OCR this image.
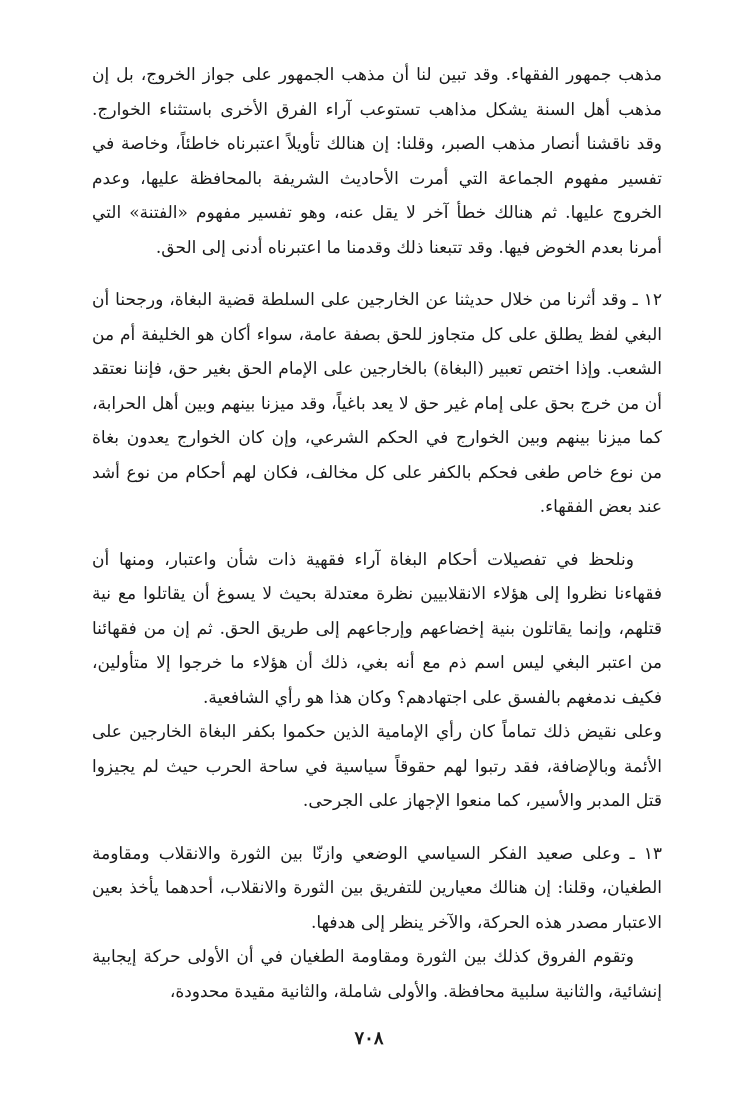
مذهب جمهور الفقهاء. وقد تبين لنا أن مذهب الجمهور على جواز الخروج، بل إن مذهب أهل السنة يشكل مذاهب تستوعب آراء الفرق الأخرى باستثناء الخوارج. وقد ناقشنا أنصار مذهب الصبر، وقلنا: إن هنالك تأويلاً اعتبرناه خاطئاً، وخاصة في تفسير مفهوم الجماعة التي أمرت الأحاديث الشريفة بالمحافظة عليها، وعدم الخروج عليها. ثم هنالك خطأ آخر لا يقل عنه، وهو تفسير مفهوم «الفتنة» التي أمرنا بعدم الخوض فيها. وقد تتبعنا ذلك وقدمنا ما اعتبرناه أدنى إلى الحق.

١٢ ـ وقد أثرنا من خلال حديثنا عن الخارجين على السلطة قضية البغاة، ورجحنا أن البغي لفظ يطلق على كل متجاوز للحق بصفة عامة، سواء أكان هو الخليفة أم من الشعب. وإذا اختص تعبير (البغاة) بالخارجين على الإمام الحق بغير حق، فإننا نعتقد أن من خرج بحق على إمام غير حق لا يعد باغياً، وقد ميزنا بينهم وبين أهل الحرابة، كما ميزنا بينهم وبين الخوارج في الحكم الشرعي، وإن كان الخوارج يعدون بغاة من نوع خاص طغى فحكم بالكفر على كل مخالف، فكان لهم أحكام من نوع أشد عند بعض الفقهاء.

ونلحظ في تفصيلات أحكام البغاة آراء فقهية ذات شأن واعتبار، ومنها أن فقهاءنا نظروا إلى هؤلاء الانقلابيين نظرة معتدلة بحيث لا يسوغ أن يقاتلوا مع نية قتلهم، وإنما يقاتلون بنية إخضاعهم وإرجاعهم إلى طريق الحق. ثم إن من فقهائنا من اعتبر البغي ليس اسم ذم مع أنه بغي، ذلك أن هؤلاء ما خرجوا إلا متأولين، فكيف ندمغهم بالفسق على اجتهادهم؟ وكان هذا هو رأي الشافعية.

وعلى نقيض ذلك تماماً كان رأي الإمامية الذين حكموا بكفر البغاة الخارجين على الأئمة وبالإضافة، فقد رتبوا لهم حقوقاً سياسية في ساحة الحرب حيث لم يجيزوا قتل المدبر والأسير، كما منعوا الإجهاز على الجرحى.

١٣ ـ وعلى صعيد الفكر السياسي الوضعي وازنّا بين الثورة والانقلاب ومقاومة الطغيان، وقلنا: إن هنالك معيارين للتفريق بين الثورة والانقلاب، أحدهما يأخذ بعين الاعتبار مصدر هذه الحركة، والآخر ينظر إلى هدفها.

وتقوم الفروق كذلك بين الثورة ومقاومة الطغيان في أن الأولى حركة إيجابية إنشائية، والثانية سلبية محافظة. والأولى شاملة، والثانية مقيدة محدودة،

٧٠٨
